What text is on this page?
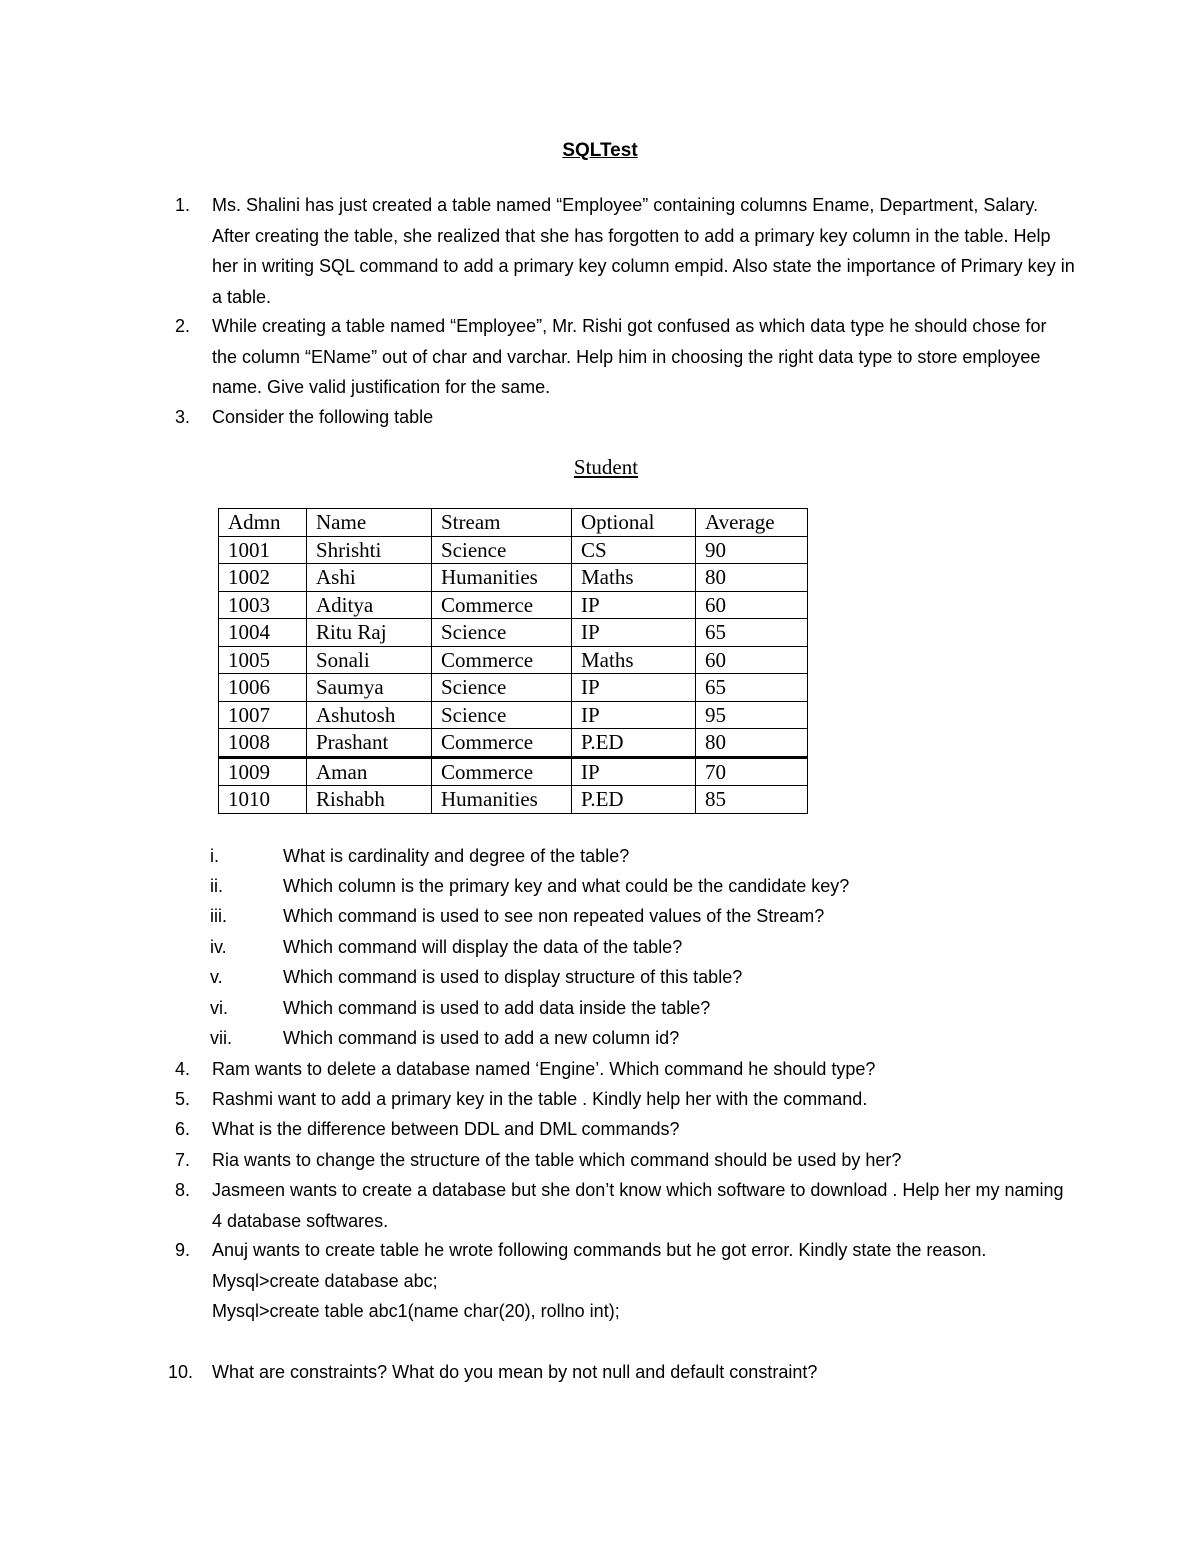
SQLTest
1. Ms. Shalini has just created a table named “Employee” containing columns Ename, Department, Salary. After creating the table, she realized that she has forgotten to add a primary key column in the table. Help her in writing SQL command to add a primary key column empid. Also state the importance of Primary key in a table.
2. While creating a table named “Employee”, Mr. Rishi got confused as which data type he should chose for the column “EName” out of char and varchar. Help him in choosing the right data type to store employee name. Give valid justification for the same.
3. Consider the following table
Student
Admn	Name	Stream	Optional	Average
1001	Shrishti	Science	CS	90
1002	Ashi	Humanities	Maths	80
1003	Aditya	Commerce	IP	60
1004	Ritu Raj	Science	IP	65
1005	Sonali	Commerce	Maths	60
1006	Saumya	Science	IP	65
1007	Ashutosh	Science	IP	95
1008	Prashant	Commerce	P.ED	80
1009	Aman	Commerce	IP	70
1010	Rishabh	Humanities	P.ED	85
i.	What is cardinality and degree of the table?
ii.	Which column is the primary key and what could be the candidate key?
iii.	Which command is used to see non repeated values of the Stream?
iv.	Which command will display the data of the table?
v.	Which command is used to display structure of this table?
vi.	Which command is used to add data inside the table?
vii.	Which command is used to add a new column id?
4. Ram wants to delete a database named ‘Engine’. Which command he should type?
5. Rashmi want to add a primary key in the table . Kindly help her with the command.
6. What is the difference between DDL and DML commands?
7. Ria wants to change the structure of the table which command should be used by her?
8. Jasmeen wants to create a database but she don’t know which software to download . Help her my naming 4 database softwares.
9. Anuj wants to create table he wrote following commands but he got error. Kindly state the reason.
Mysql>create database abc;
Mysql>create table abc1(name char(20), rollno int);
10. What are constraints? What do you mean by not null and default constraint?
